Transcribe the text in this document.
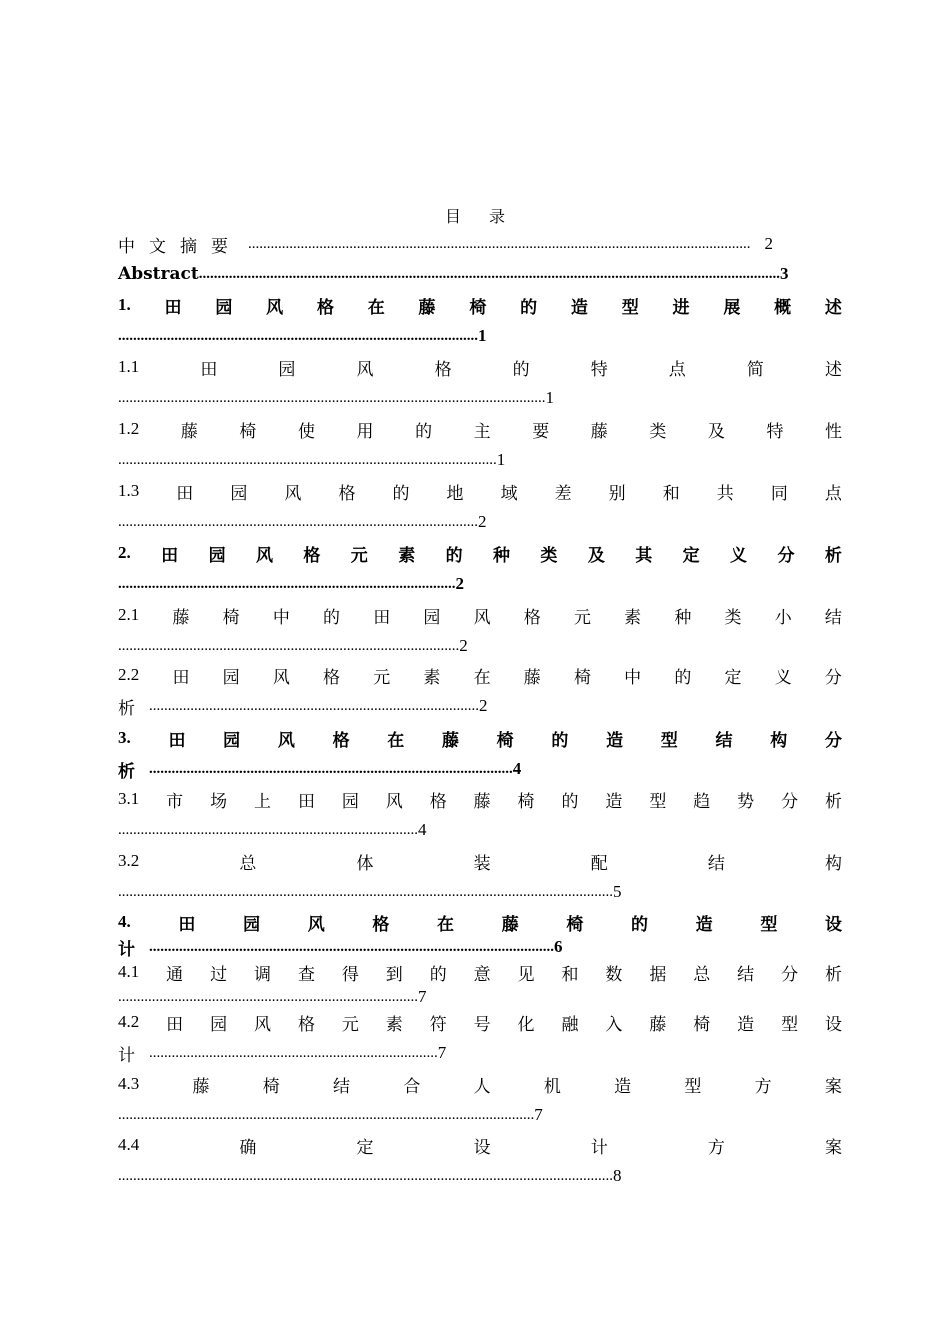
目录
中文摘要 ...................................................................................................................................... 2
Abstract ........................................................................................................................................................... 3
1. 田 园 风 格 在 藤 椅 的 造 型 进 展 概 述
................................................................................................ 1
1.1	田	园	风	格	的	特	点	简	述
.................................................................................................................. 1
1.2 藤 椅 使 用 的 主 要 藤 类 及 特 性
..................................................................................................... 1
1.3 田 园 风 格 的 地 域 差 别 和 共 同 点
................................................................................................ 2
2. 田 园 风 格 元 素 的 种 类 及 其 定 义 分 析
.......................................................................................... 2
2.1 藤 椅 中 的 田 园 风 格 元 素 种 类 小 结
........................................................................................... 2
2.2 田 园 风 格 元 素 在 藤 椅 中 的 定 义 分
析 ........................................................................................ 2
3. 田 园 风 格 在 藤 椅 的 造 型 结 构 分
析 ................................................................................................. 4
3.1 市 场 上 田 园 风 格 藤 椅 的 造 型 趋 势 分 析
................................................................................ 4
3.2	总	体	装	配	结	构
.................................................................................................................................... 5
4.	田	园	风	格	在	藤	椅	的	造	型	设
计 ............................................................................................................ 6
4.1 通 过 调 查 得 到 的 意 见 和 数 据 总 结 分 析
................................................................................ 7
4.2 田 园 风 格 元 素 符 号 化 融 入 藤 椅 造 型 设
计 ............................................................................. 7
4.3	藤	椅	结	合	人	机	造	型	方	案
............................................................................................................... 7
4.4	确	定	设	计	方	案
.................................................................................................................................... 8
